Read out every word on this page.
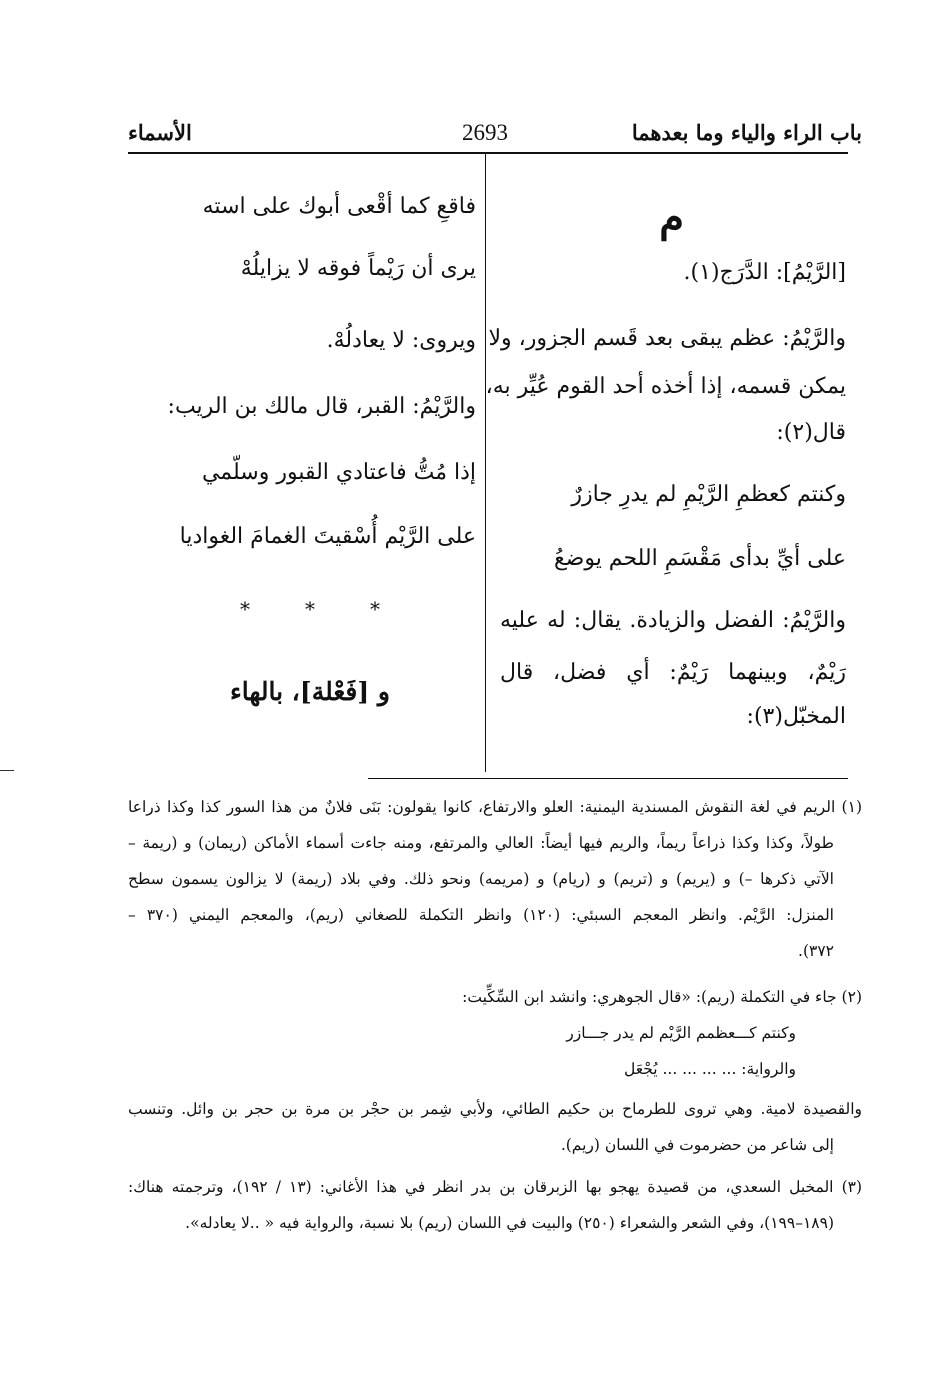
باب الراء والياء وما بعدهما
2693
الأسماء
م
[الرَّيْمُ]: الدَّرَج(١).
والرَّيْمُ: عظم يبقى بعد قَسم الجزور، ولا
يمكن قسمه، إذا أخذه أحد القوم عُيِّر به،
قال(٢):
وكنتم كعظمِ الرَّيْمِ لم يدرِ جازرٌ
على أيِّ بدأى مَقْسَمِ اللحم يوضعُ
والرَّيْمُ: الفضل والزيادة. يقال: له عليه
رَيْمٌ، وبينهما رَيْمٌ: أي فضل، قال
المخبّل(٣):
فاقعِ كما أقْعى أبوك على استه
يرى أن رَيْماً فوقه لا يزايلُهْ
ويروى: لا يعادلُهْ.
والرَّيْمُ: القبر، قال مالك بن الريب:
إذا مُتُّ فاعتادي القبور وسلّمي
على الرَّيْم أُسْقيتَ الغمامَ الغواديا
*
*
*
و [فَعْلة]، بالهاء
(١) الريم في لغة النقوش المسندية اليمنية: العلو والارتفاع، كانوا يقولون: بَنَى فلانٌ من هذا السور كذا وكذا ذراعا
طولاً، وكذا وكذا ذراعاً ريماً، والريم فيها أيضاً: العالي والمرتفع، ومنه جاءت أسماء الأماكن (ريمان) و (ريمة –
الآتي ذكرها –) و (يريم) و (تريم) و (ريام) و (مريمه) ونحو ذلك. وفي بلاد (ريمة) لا يزالون يسمون سطح
المنزل: الرَّيْم. وانظر المعجم السبئي: (١٢٠) وانظر التكملة للصغاني (ريم)، والمعجم اليمني (٣٧٠ –
٣٧٢).
(٢) جاء في التكملة (ريم): «قال الجوهري: وانشد ابن السِّكِّيت:
وكنتم كـــعظمم الرَّيْم لم يدر جـــازر
والرواية: ... ... ... ... يُجْعَل
والقصيدة لامية. وهي تروى للطرماح بن حكيم الطائي، ولأبي شِمر بن حجْر بن مرة بن حجر بن وائل. وتنسب
إلى شاعر من حضرموت في اللسان (ريم).
(٣) المخبل السعدي، من قصيدة يهجو بها الزبرقان بن بدر انظر في هذا الأغاني: (١٣ / ١٩٢)، وترجمته هناك:
(١٨٩–١٩٩)، وفي الشعر والشعراء (٢٥٠) والبيت في اللسان (ريم) بلا نسبة، والرواية فيه « ..لا يعادله».
